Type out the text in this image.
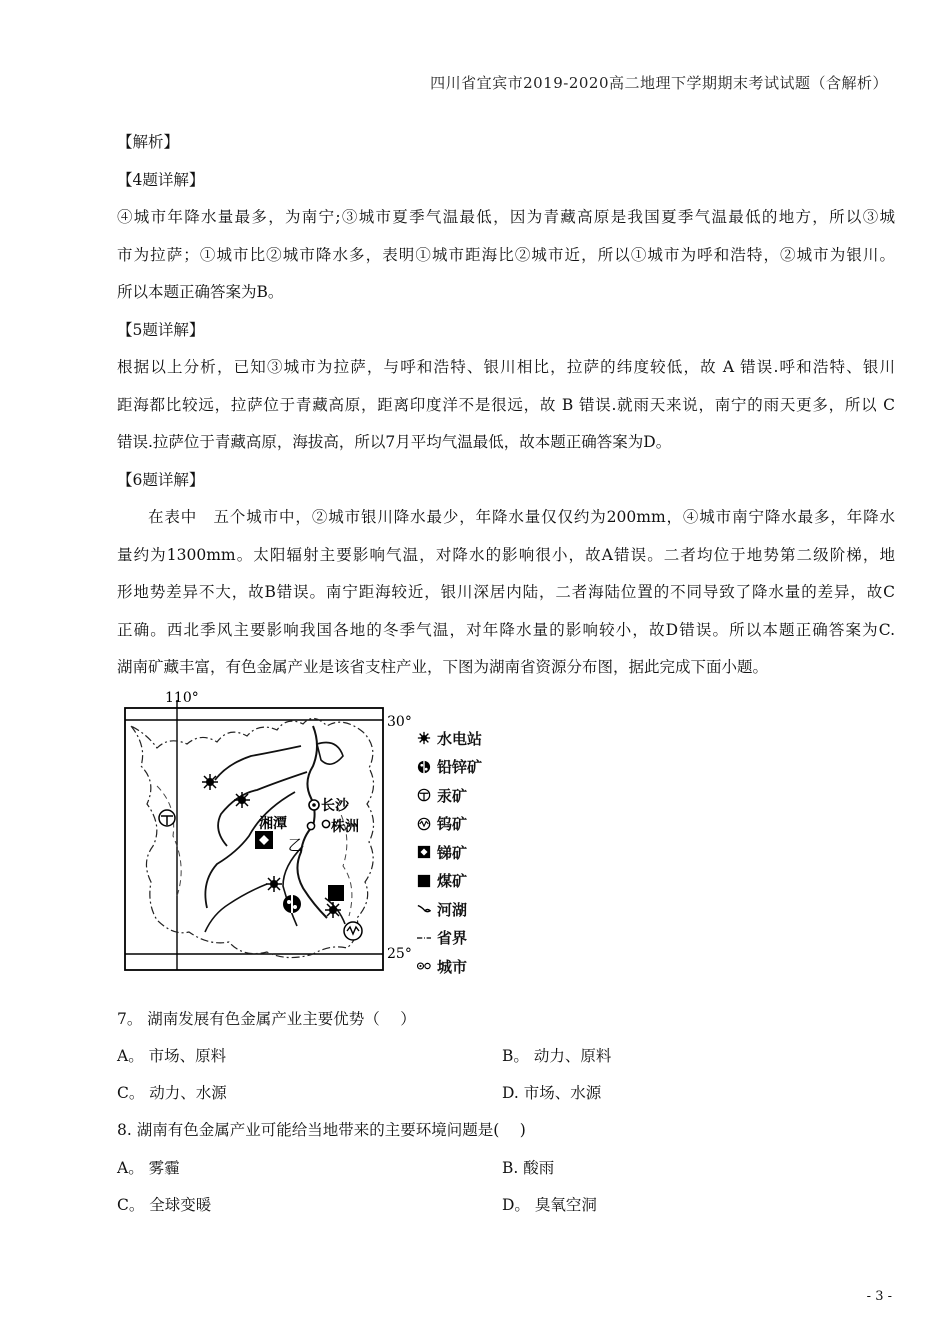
四川省宜宾市2019-2020高二地理下学期期末考试试题（含解析）

【解析】

【4题详解】

④城市年降水量最多，为南宁;③城市夏季气温最低，因为青藏高原是我国夏季气温最低的地方，所以③城

市为拉萨；①城市比②城市降水多，表明①城市距海比②城市近，所以①城市为呼和浩特，②城市为银川。

所以本题正确答案为B。

【5题详解】

根据以上分析，已知③城市为拉萨，与呼和浩特、银川相比，拉萨的纬度较低，故 A 错误.呼和浩特、银川

距海都比较远，拉萨位于青藏高原，距离印度洋不是很远，故 B 错误.就雨天来说，南宁的雨天更多，所以 C

错误.拉萨位于青藏高原，海拔高，所以7月平均气温最低，故本题正确答案为D。

【6题详解】

在表中　五个城市中，②城市银川降水最少，年降水量仅仅约为200mm，④城市南宁降水最多，年降水

量约为1300mm。太阳辐射主要影响气温，对降水的影响很小，故A错误。二者均位于地势第二级阶梯，地

形地势差异不大，故B错误。南宁距海较近，银川深居内陆，二者海陆位置的不同导致了降水量的差异，故C

正确。西北季风主要影响我国各地的冬季气温，对年降水量的影响较小，故D错误。所以本题正确答案为C.

湖南矿藏丰富，有色金属产业是该省支柱产业，下图为湖南省资源分布图，据此完成下面小题。

110°
30°
25°
长沙
湘潭	株洲
乙
水电站
铅锌矿
汞矿
钨矿
锑矿
煤矿
河湖
省界
城市
7。 湖南发展有色金属产业主要优势（　 ）
A。 市场、原料	B。 动力、原料
C。 动力、水源	D. 市场、水源
8. 湖南有色金属产业可能给当地带来的主要环境问题是(　 )
A。 雾霾	B. 酸雨
C。 全球变暖	D。 臭氧空洞
- 3 -
